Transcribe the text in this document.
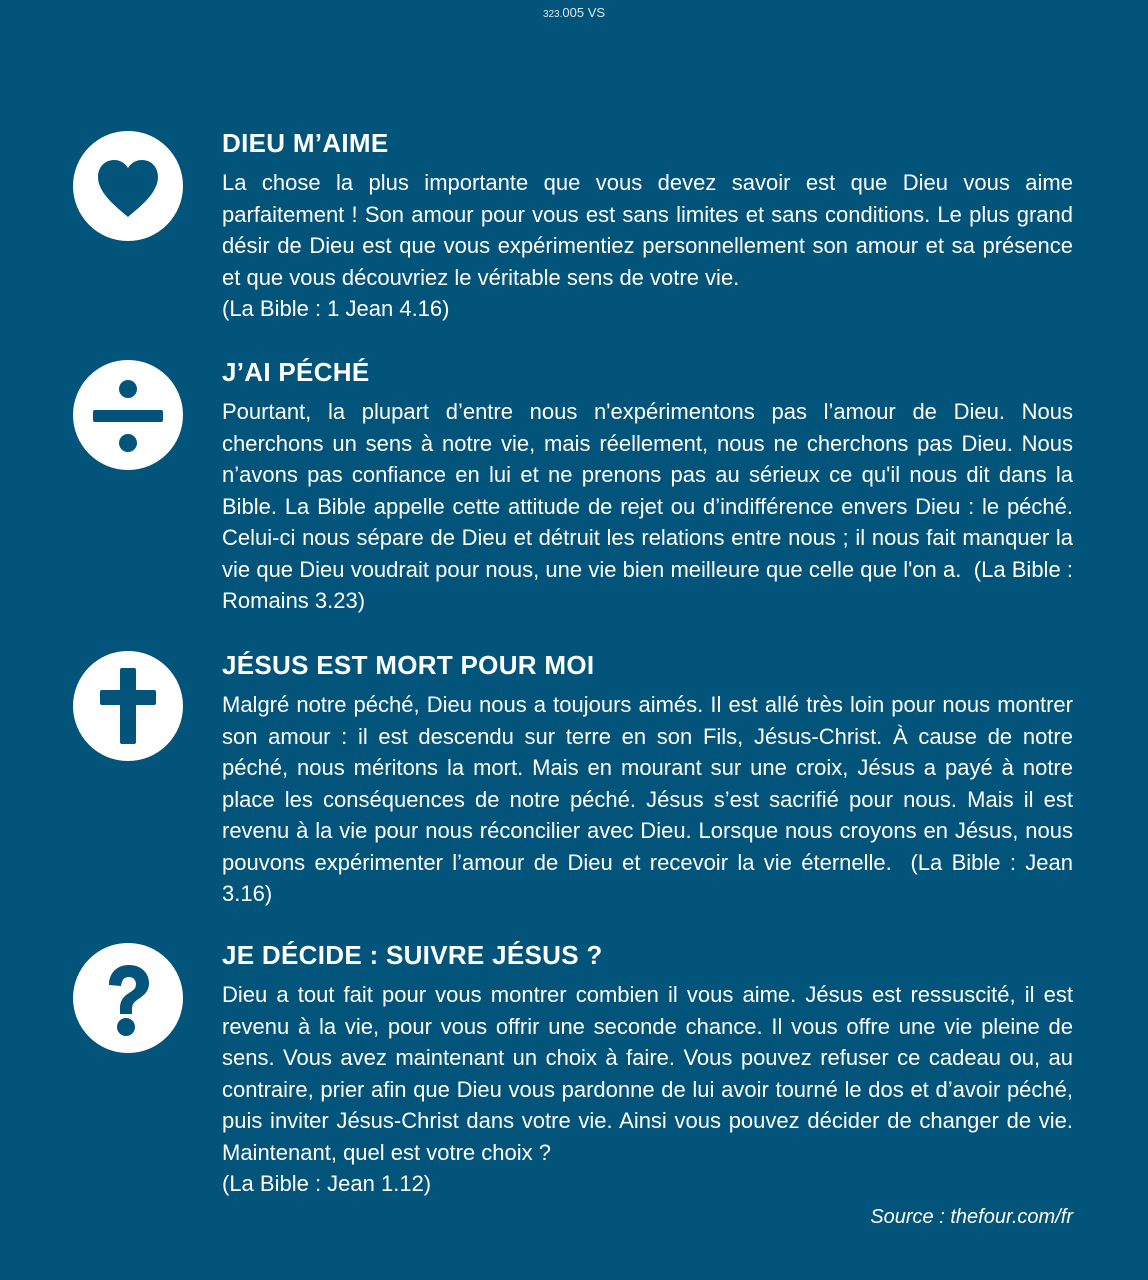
323.005 VS
DIEU M’AIME
La chose la plus importante que vous devez savoir est que Dieu vous aime parfaitement ! Son amour pour vous est sans limites et sans conditions. Le plus grand désir de Dieu est que vous expérimentiez personnellement son amour et sa présence et que vous découvriez le véritable sens de votre vie.
(La Bible : 1 Jean 4.16)
J’AI PÉCHÉ
Pourtant, la plupart d’entre nous n'expérimentons pas l’amour de Dieu. Nous cherchons un sens à notre vie, mais réellement, nous ne cherchons pas Dieu. Nous n’avons pas confiance en lui et ne prenons pas au sérieux ce qu'il nous dit dans la Bible. La Bible appelle cette attitude de rejet ou d’indifférence envers Dieu : le péché. Celui-ci nous sépare de Dieu et détruit les relations entre nous ; il nous fait manquer la vie que Dieu voudrait pour nous, une vie bien meilleure que celle que l'on a.  (La Bible : Romains 3.23)
JÉSUS EST MORT POUR MOI
Malgré notre péché, Dieu nous a toujours aimés. Il est allé très loin pour nous montrer son amour : il est descendu sur terre en son Fils, Jésus-Christ. À cause de notre péché, nous méritons la mort. Mais en mourant sur une croix, Jésus a payé à notre place les conséquences de notre péché. Jésus s’est sacrifié pour nous. Mais il est revenu à la vie pour nous réconcilier avec Dieu. Lorsque nous croyons en Jésus, nous pouvons expérimenter l’amour de Dieu et recevoir la vie éternelle.  (La Bible : Jean 3.16)
JE DÉCIDE : SUIVRE JÉSUS ?
Dieu a tout fait pour vous montrer combien il vous aime. Jésus est ressuscité, il est revenu à la vie, pour vous offrir une seconde chance. Il vous offre une vie pleine de sens. Vous avez maintenant un choix à faire. Vous pouvez refuser ce cadeau ou, au contraire, prier afin que Dieu vous pardonne de lui avoir tourné le dos et d’avoir péché, puis inviter Jésus-Christ dans votre vie. Ainsi vous pouvez décider de changer de vie. Maintenant, quel est votre choix ?
(La Bible : Jean 1.12)
Source : thefour.com/fr
